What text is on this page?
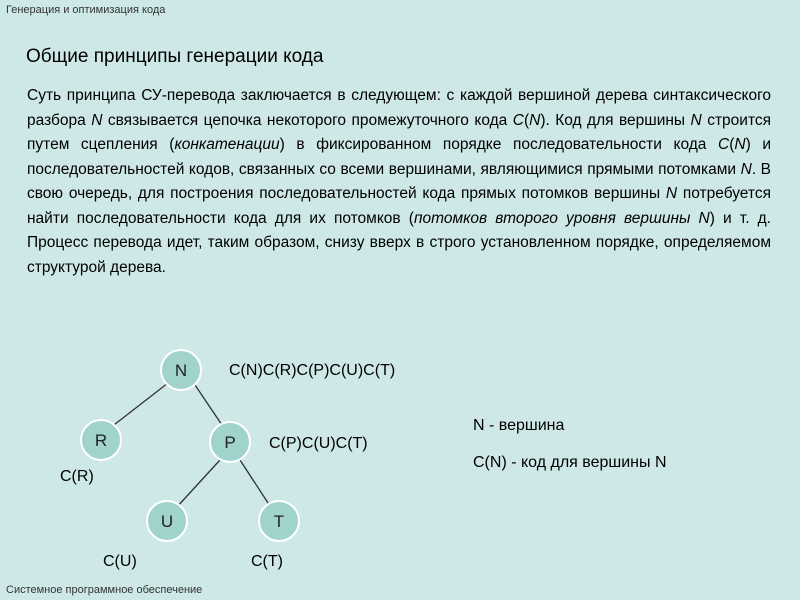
Генерация и оптимизация кода
Общие принципы генерации кода
Суть принципа СУ-перевода заключается в следующем: с каждой вершиной дерева синтаксического разбора N связывается цепочка некоторого промежуточного кода C(N). Код для вершины N строится путем сцепления (конкатенации) в фиксированном порядке последовательности кода C(N) и последовательностей кодов, связанных со всеми вершинами, являющимися прямыми потомками N. В свою очередь, для построения последовательностей кода прямых потомков вершины N потребуется найти последовательности кода для их потомков (потомков второго уровня вершины N) и т. д. Процесс перевода идет, таким образом, снизу вверх в строго установленном порядке, определяемом структурой дерева.
N
R	P
U	T
C(N)C(R)C(P)C(U)C(T)
C(P)C(U)C(T)
C(R)
C(U)	C(T)
N - вершина
C(N) - код для вершины N
Системное программное обеспечение
